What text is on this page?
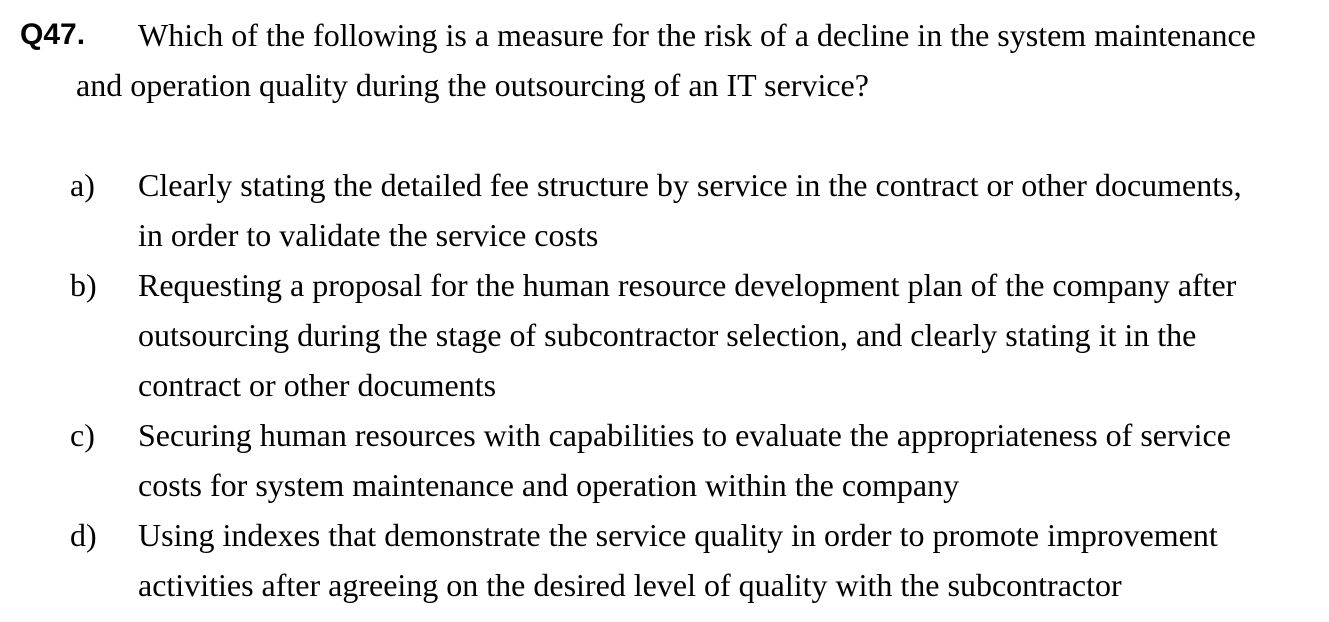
Q47. Which of the following is a measure for the risk of a decline in the system maintenance
and operation quality during the outsourcing of an IT service?
a) Clearly stating the detailed fee structure by service in the contract or other documents,
in order to validate the service costs
b) Requesting a proposal for the human resource development plan of the company after
outsourcing during the stage of subcontractor selection, and clearly stating it in the
contract or other documents
c) Securing human resources with capabilities to evaluate the appropriateness of service
costs for system maintenance and operation within the company
d) Using indexes that demonstrate the service quality in order to promote improvement
activities after agreeing on the desired level of quality with the subcontractor
